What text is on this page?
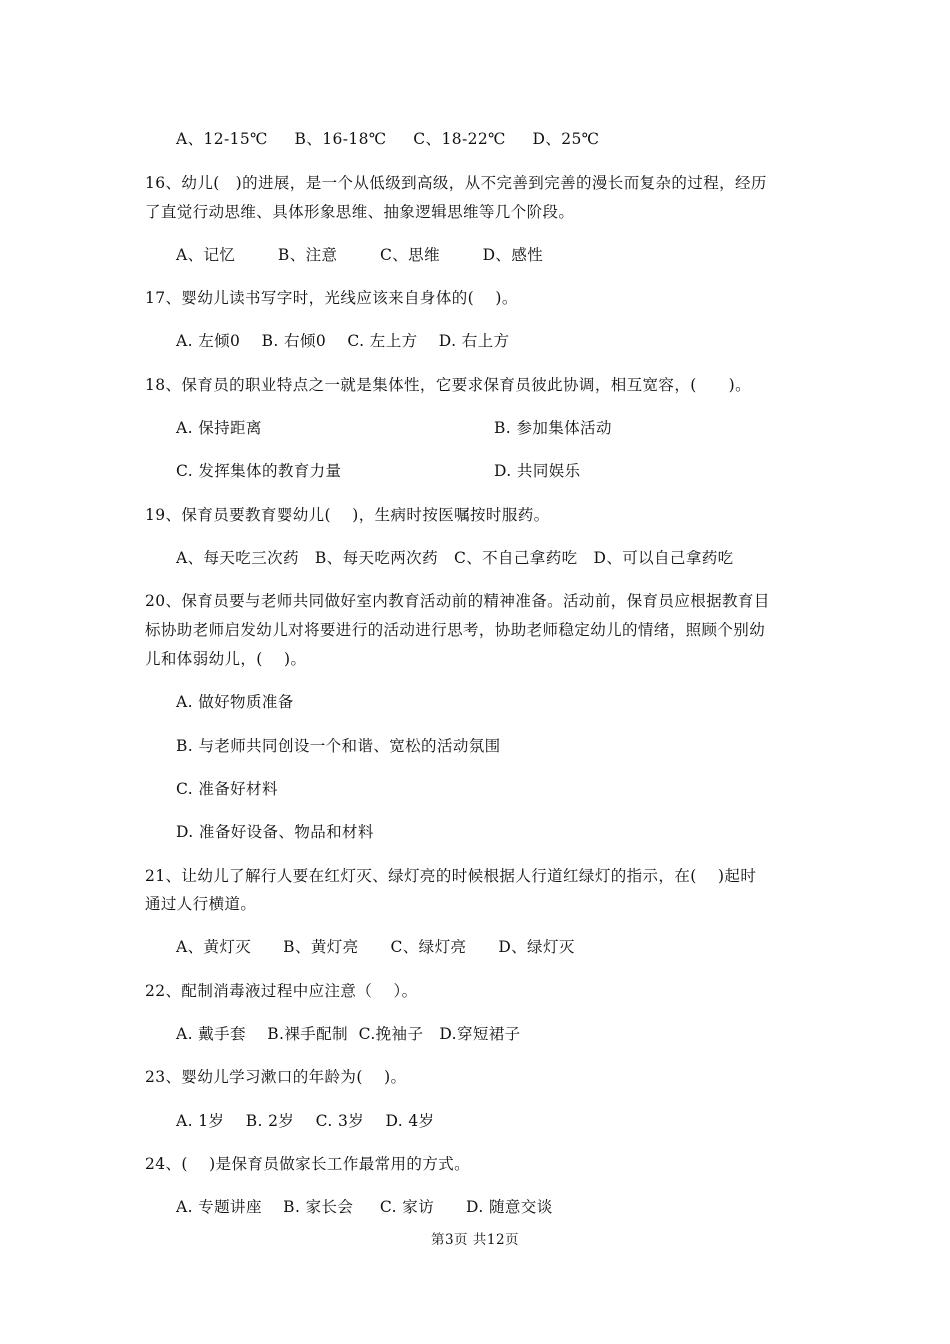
A、12-15℃     B、16-18℃     C、18-22℃     D、25℃
16、幼儿(   )的进展，是一个从低级到高级，从不完善到完善的漫长而复杂的过程，经历
了直觉行动思维、具体形象思维、抽象逻辑思维等几个阶段。
A、记忆        B、注意        C、思维        D、感性
17、婴幼儿读书写字时，光线应该来自身体的(    )。
A. 左倾0    B. 右倾0    C. 左上方    D. 右上方
18、保育员的职业特点之一就是集体性，它要求保育员彼此协调，相互宽容，(      )。
A. 保持距离	B. 参加集体活动
C. 发挥集体的教育力量	D. 共同娱乐
19、保育员要教育婴幼儿(    )，生病时按医嘱按时服药。
A、每天吃三次药   B、每天吃两次药   C、不自己拿药吃   D、可以自己拿药吃
20、保育员要与老师共同做好室内教育活动前的精神准备。活动前，保育员应根据教育目
标协助老师启发幼儿对将要进行的活动进行思考，协助老师稳定幼儿的情绪，照顾个别幼
儿和体弱幼儿，(    )。
A. 做好物质准备
B. 与老师共同创设一个和谐、宽松的活动氛围
C. 准备好材料
D. 准备好设备、物品和材料
21、让幼儿了解行人要在红灯灭、绿灯亮的时候根据人行道红绿灯的指示，在(    )起时
通过人行横道。
A、黄灯灭      B、黄灯亮      C、绿灯亮      D、绿灯灭
22、配制消毒液过程中应注意（    ）。
A. 戴手套    B.裸手配制  C.挽袖子   D.穿短裙子
23、婴幼儿学习漱口的年龄为(    )。
A. 1岁    B. 2岁    C. 3岁    D. 4岁
24、(    )是保育员做家长工作最常用的方式。
A. 专题讲座    B. 家长会     C. 家访      D. 随意交谈
第3页 共12页
